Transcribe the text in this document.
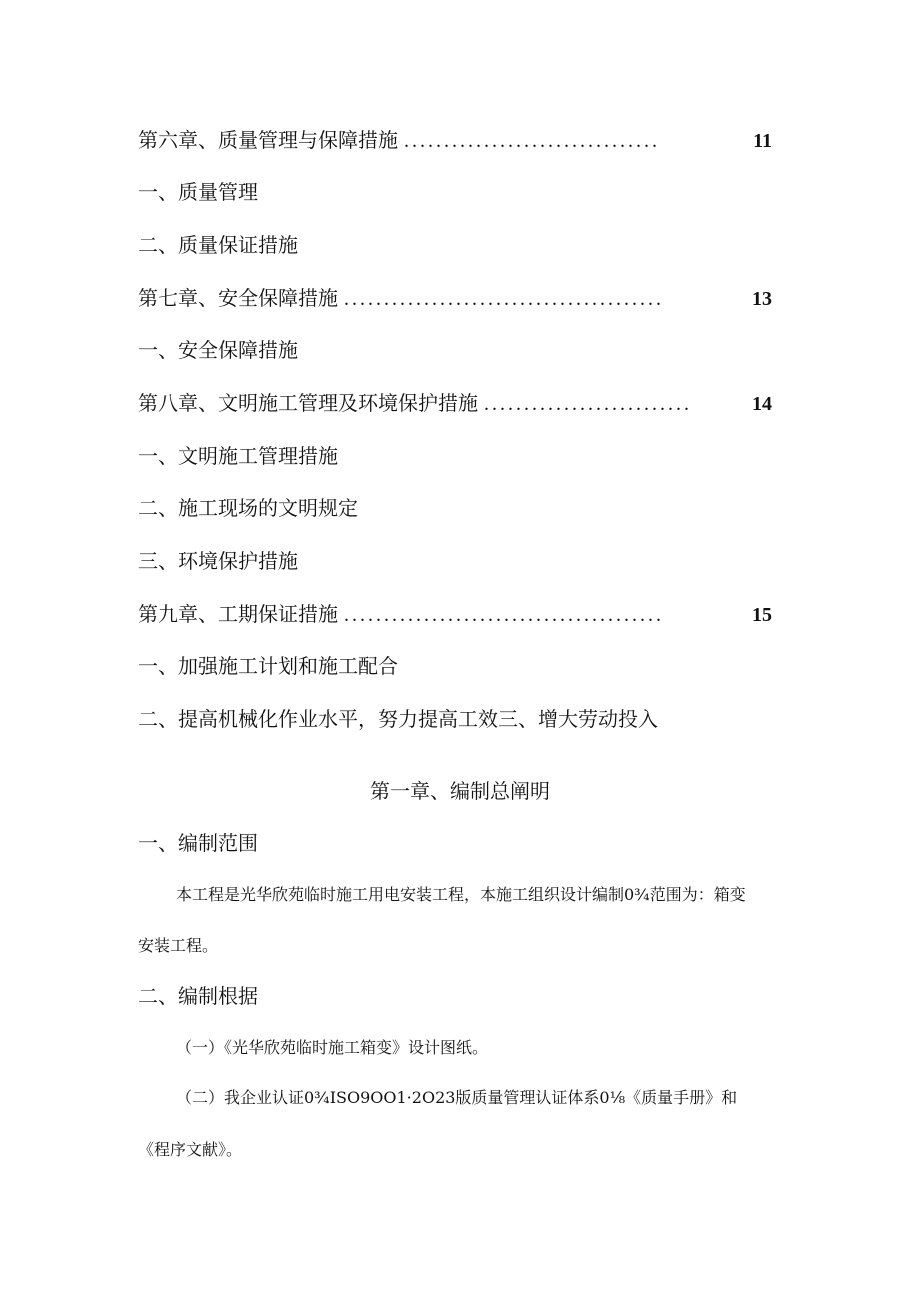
第六章、质量管理与保障措施 ................................	11
一、质量管理
二、质量保证措施
第七章、安全保障措施 ........................................	13
一、安全保障措施
第八章、文明施工管理及环境保护措施 ..........................	14
一、文明施工管理措施
二、施工现场的文明规定
三、环境保护措施
第九章、工期保证措施 ........................................	15
一、加强施工计划和施工配合
二、提高机械化作业水平，努力提高工效三、增大劳动投入
第一章、编制总阐明
一、编制范围
本工程是光华欣苑临时施工用电安装工程，本施工组织设计编制0¾范围为：箱变
安装工程。
二、编制根据
（一）《光华欣苑临时施工箱变》设计图纸。
（二）我企业认证0¾ISO9OO1·2O23版质量管理认证体系0⅛《质量手册》和
《程序文献》。
